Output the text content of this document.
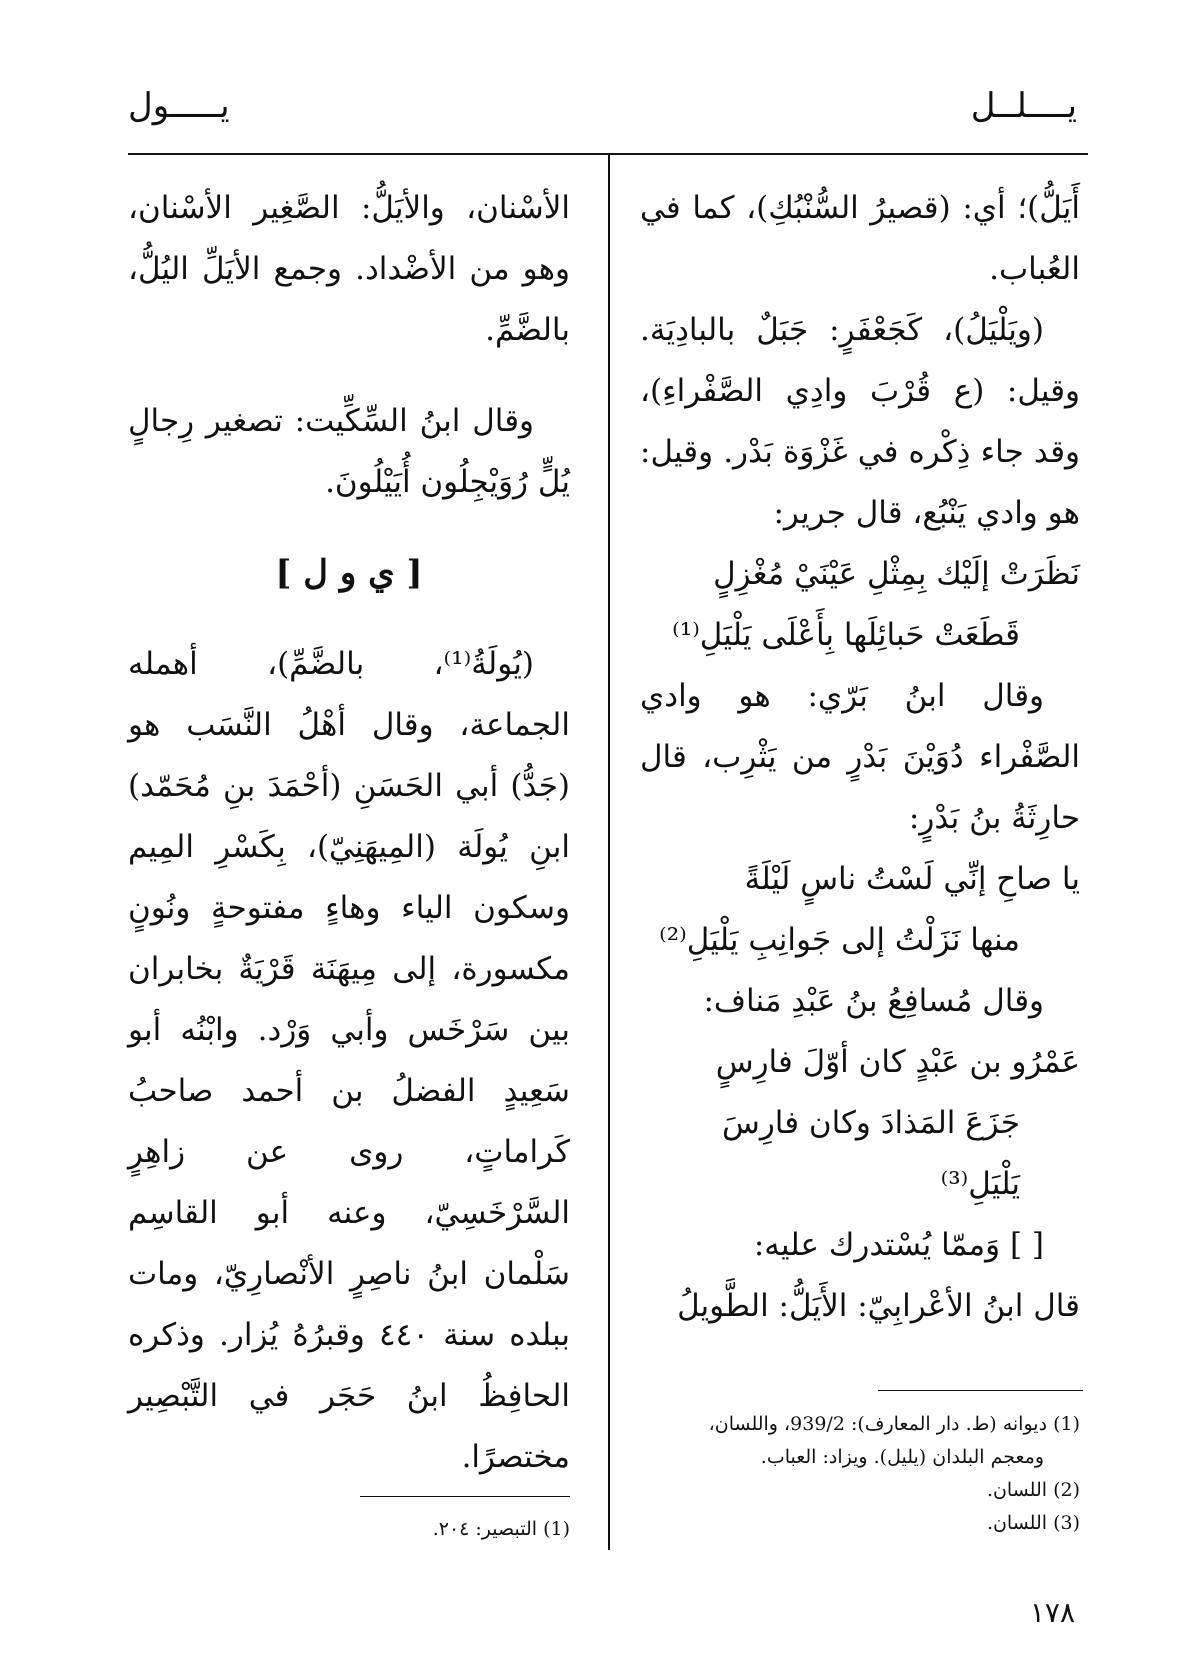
يـــــول	يــــلــل

أَيَلُّ)؛ أي: (قصيرُ السُّنْبُكِ)، كما في العُباب.

(ويَلْيَلُ)، كَجَعْفَرٍ: جَبَلٌ بالبادِيَة. وقيل: (ع قُرْبَ وادِي الصَّفْراءِ)، وقد جاء ذِكْره في غَزْوَة بَدْر. وقيل: هو وادي يَنْبُع، قال جرير:

نَظَرَتْ إلَيْك بِمِثْلِ عَيْنَيْ مُغْزِلٍ

قَطَعَتْ حَبائِلَها بِأَعْلَى يَلْيَلِ⁽¹⁾

وقال ابنُ بَرّي: هو وادي الصَّفْراء دُوَيْنَ بَدْرٍ من يَثْرِب، قال حارِثَةُ بنُ بَدْرٍ:

يا صاحِ إنِّي لَسْتُ ناسٍ لَيْلَةً

منها نَزَلْتُ إلى جَوانِبِ يَلْيَلِ⁽²⁾

وقال مُسافِعُ بنُ عَبْدِ مَناف:

عَمْرُو بن عَبْدٍ كان أوّلَ فارِسٍ

جَزَعَ المَذادَ وكان فارِسَ يَلْيَلِ⁽³⁾

[ ] وَممّا يُسْتدرك عليه:

قال ابنُ الأعْرابِيّ: الأَيَلُّ: الطَّويلُ

(1) ديوانه (ط. دار المعارف): 939/2، واللسان،

ومعجم البلدان (يليل). ويزاد: العباب.

(2) اللسان.

(3) اللسان.

الأسْنان، والأيَلُّ: الصَّغِير الأسْنان، وهو من الأضْداد. وجمع الأيَلِّ اليُلُّ، بالضَّمِّ.

وقال ابنُ السِّكِّيت: تصغير رِجالٍ يُلٍّ رُوَيْجِلُون أُيَيْلُونَ.

[ ي و ل ]

(يُولَةُ⁽¹⁾، بالضَّمِّ)، أهمله الجماعة، وقال أهْلُ النَّسَب هو (جَدُّ) أبي الحَسَنِ (أحْمَدَ بنِ مُحَمّد) ابنِ يُولَة (المِيهَنِيّ)، بِكَسْرِ المِيم وسكون الياء وهاءٍ مفتوحةٍ ونُونٍ مكسورة، إلى مِيهَنَة قَرْيَةٌ بخابران بين سَرْخَس وأبي وَرْد. وابْنُه أبو سَعِيدٍ الفضلُ بن أحمد صاحبُ كَراماتٍ، روى عن زاهِرٍ السَّرْخَسِيّ، وعنه أبو القاسِم سَلْمان ابنُ ناصِرٍ الأنْصارِيّ، ومات ببلده سنة ٤٤٠ وقبرُهُ يُزار. وذكره الحافِظُ ابنُ حَجَر في التَّبْصِير مختصرًا.

(1) التبصير: ٢٠٤.

١٧٨
